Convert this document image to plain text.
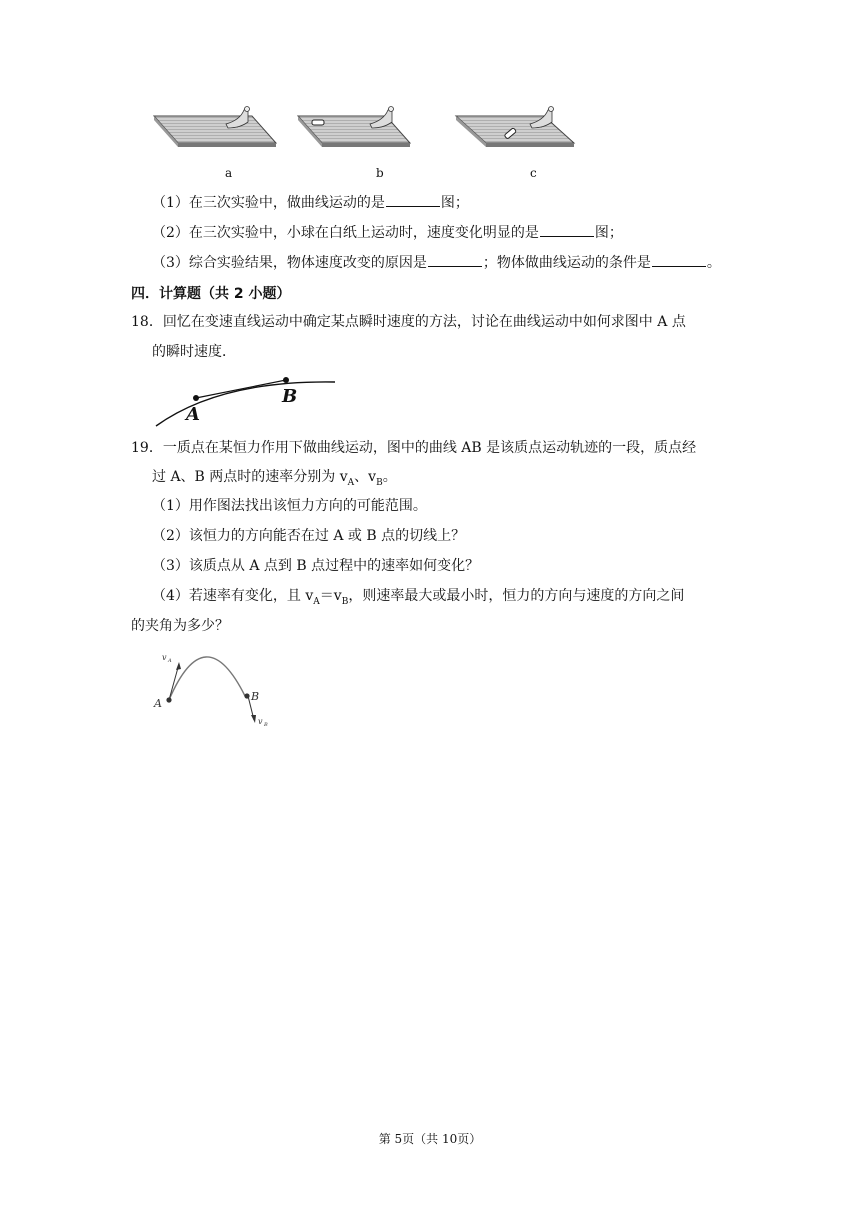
a	b	c
（1）在三次实验中，做曲线运动的是	图；
（2）在三次实验中，小球在白纸上运动时，速度变化明显的是	图；
（3）综合实验结果，物体速度改变的原因是	；物体做曲线运动的条件是	。
四．计算题（共 2 小题）
18．回忆在变速直线运动中确定某点瞬时速度的方法，讨论在曲线运动中如何求图中 A 点
的瞬时速度．
A
B
19．一质点在某恒力作用下做曲线运动，图中的曲线 AB 是该质点运动轨迹的一段，质点经
过 A、B 两点时的速率分别为 $v_A$、$v_B$。
（1）用作图法找出该恒力方向的可能范围。
（2）该恒力的方向能否在过 A 或 B 点的切线上？
（3）该质点从 A 点到 B 点过程中的速率如何变化？
（4）若速率有变化，且 $v_A=v_B$，则速率最大或最小时，恒力的方向与速度的方向之间
的夹角为多少？
A
B
v A
v B
第 5页（共 10页）
